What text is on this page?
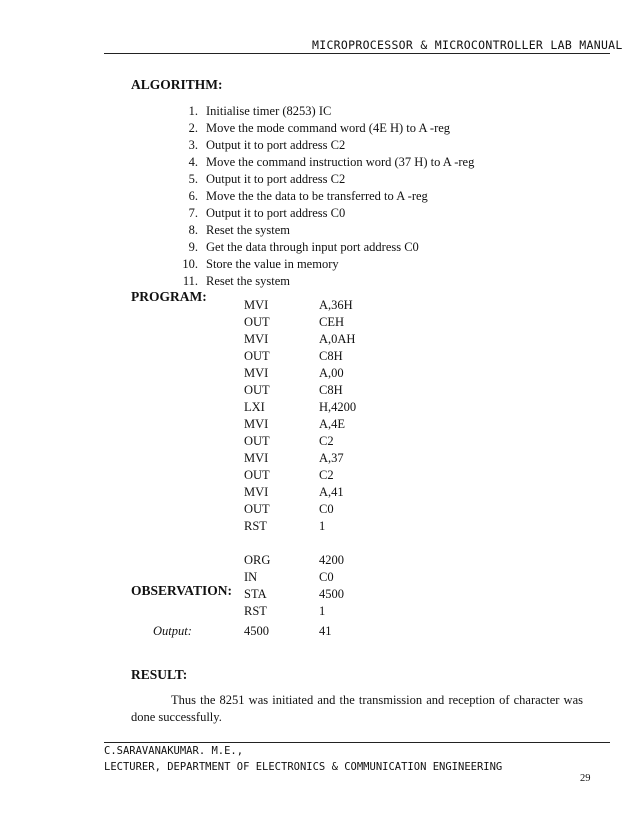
MICROPROCESSOR & MICROCONTROLLER LAB MANUAL
ALGORITHM:
1. Initialise timer (8253) IC
2. Move the mode command word (4E H) to A -reg
3. Output it to port address C2
4. Move the command instruction word (37 H) to A -reg
5. Output it to port address C2
6. Move the the data to be transferred to A -reg
7. Output it to port address C0
8. Reset the system
9. Get the data through input port address C0
10. Store the value in memory
11. Reset the system
PROGRAM:
MVI	A,36H
OUT	CEH
MVI	A,0AH
OUT	C8H
MVI	A,00
OUT	C8H
LXI	H,4200
MVI	A,4E
OUT	C2
MVI	A,37
OUT	C2
MVI	A,41
OUT	C0
RST	1
ORG	4200
IN	C0
STA	4500
RST	1
OBSERVATION:
Output:	4500	41
RESULT:
Thus the 8251 was initiated and the transmission and reception of character was done successfully.
C.SARAVANAKUMAR. M.E.,
LECTURER, DEPARTMENT OF ELECTRONICS & COMMUNICATION ENGINEERING
29
